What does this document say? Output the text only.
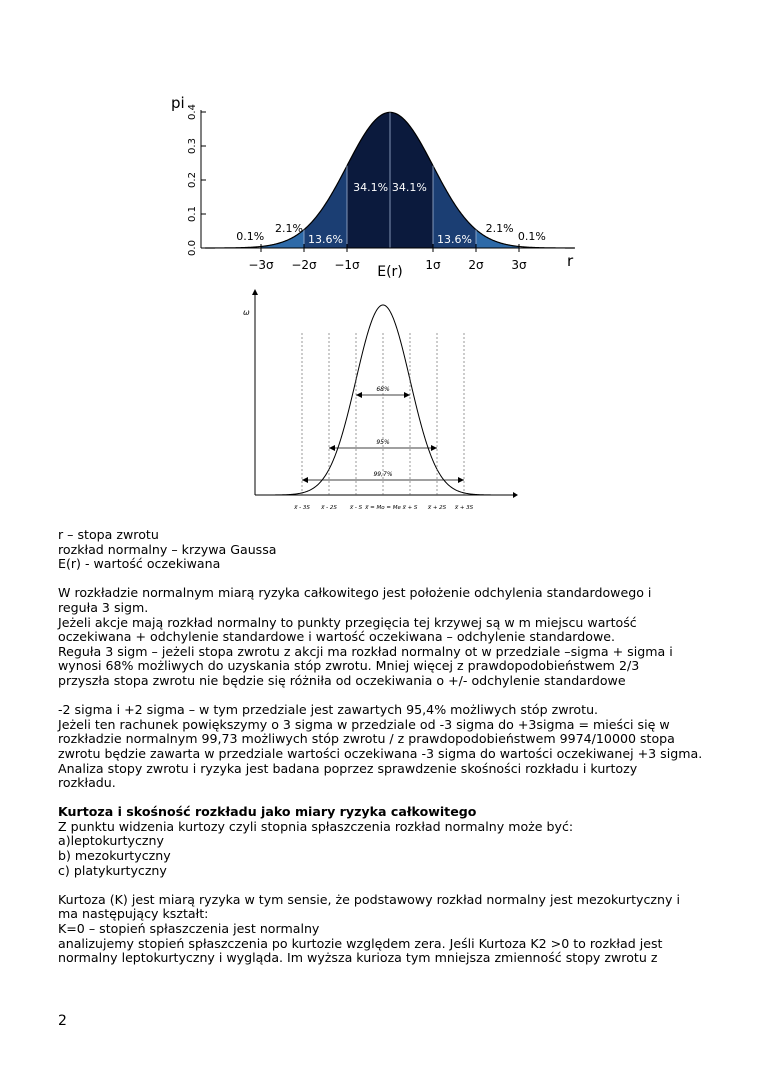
−3σ −2σ −1σ	1σ 2σ 3σ
0.0
0.1
0.2
0.3
0.4
0.1%
2.1%
13.6%
34.1% 34.1%
13.6%
2.1%
0.1%
pi
E(r)
r
68%
95%
99,7%
x̅ - 3S x̅ - 2S x̅ - S x̅ = Mo = Me x̅ + S x̅ + 2S x̅ + 3S
ω

r – stopa zwrotu

rozkład normalny – krzywa Gaussa

E(r) - wartość oczekiwana

W rozkładzie normalnym miarą ryzyka całkowitego jest położenie odchylenia standardowego i

reguła 3 sigm.

Jeżeli akcje mają rozkład normalny to punkty przegięcia tej krzywej są w m miejscu wartość

oczekiwana + odchylenie standardowe i wartość oczekiwana – odchylenie standardowe.

Reguła 3 sigm – jeżeli stopa zwrotu z akcji ma rozkład normalny ot w przedziale –sigma + sigma i

wynosi 68% możliwych do uzyskania stóp zwrotu. Mniej więcej z prawdopodobieństwem 2/3

przyszła stopa zwrotu nie będzie się różniła od oczekiwania o +/- odchylenie standardowe

-2 sigma i +2 sigma – w tym przedziale jest zawartych 95,4% możliwych stóp zwrotu.

Jeżeli ten rachunek powiększymy o 3 sigma w przedziale od -3 sigma do +3sigma = mieści się w

rozkładzie normalnym 99,73 możliwych stóp zwrotu / z prawdopodobieństwem 9974/10000 stopa

zwrotu będzie zawarta w przedziale wartości oczekiwana -3 sigma do wartości oczekiwanej +3 sigma.

Analiza stopy zwrotu i ryzyka jest badana poprzez sprawdzenie skośności rozkładu i kurtozy

rozkładu.

Kurtoza i skośność rozkładu jako miary ryzyka całkowitego

Z punktu widzenia kurtozy czyli stopnia spłaszczenia rozkład normalny może być:

a)leptokurtyczny

b) mezokurtyczny

c) platykurtyczny

Kurtoza (K) jest miarą ryzyka w tym sensie, że podstawowy rozkład normalny jest mezokurtyczny i

ma następujący kształt:

K=0 – stopień spłaszczenia jest normalny

analizujemy stopień spłaszczenia po kurtozie względem zera. Jeśli Kurtoza K2 >0 to rozkład jest

normalny leptokurtyczny i wygląda. Im wyższa kurioza tym mniejsza zmienność stopy zwrotu z

2
